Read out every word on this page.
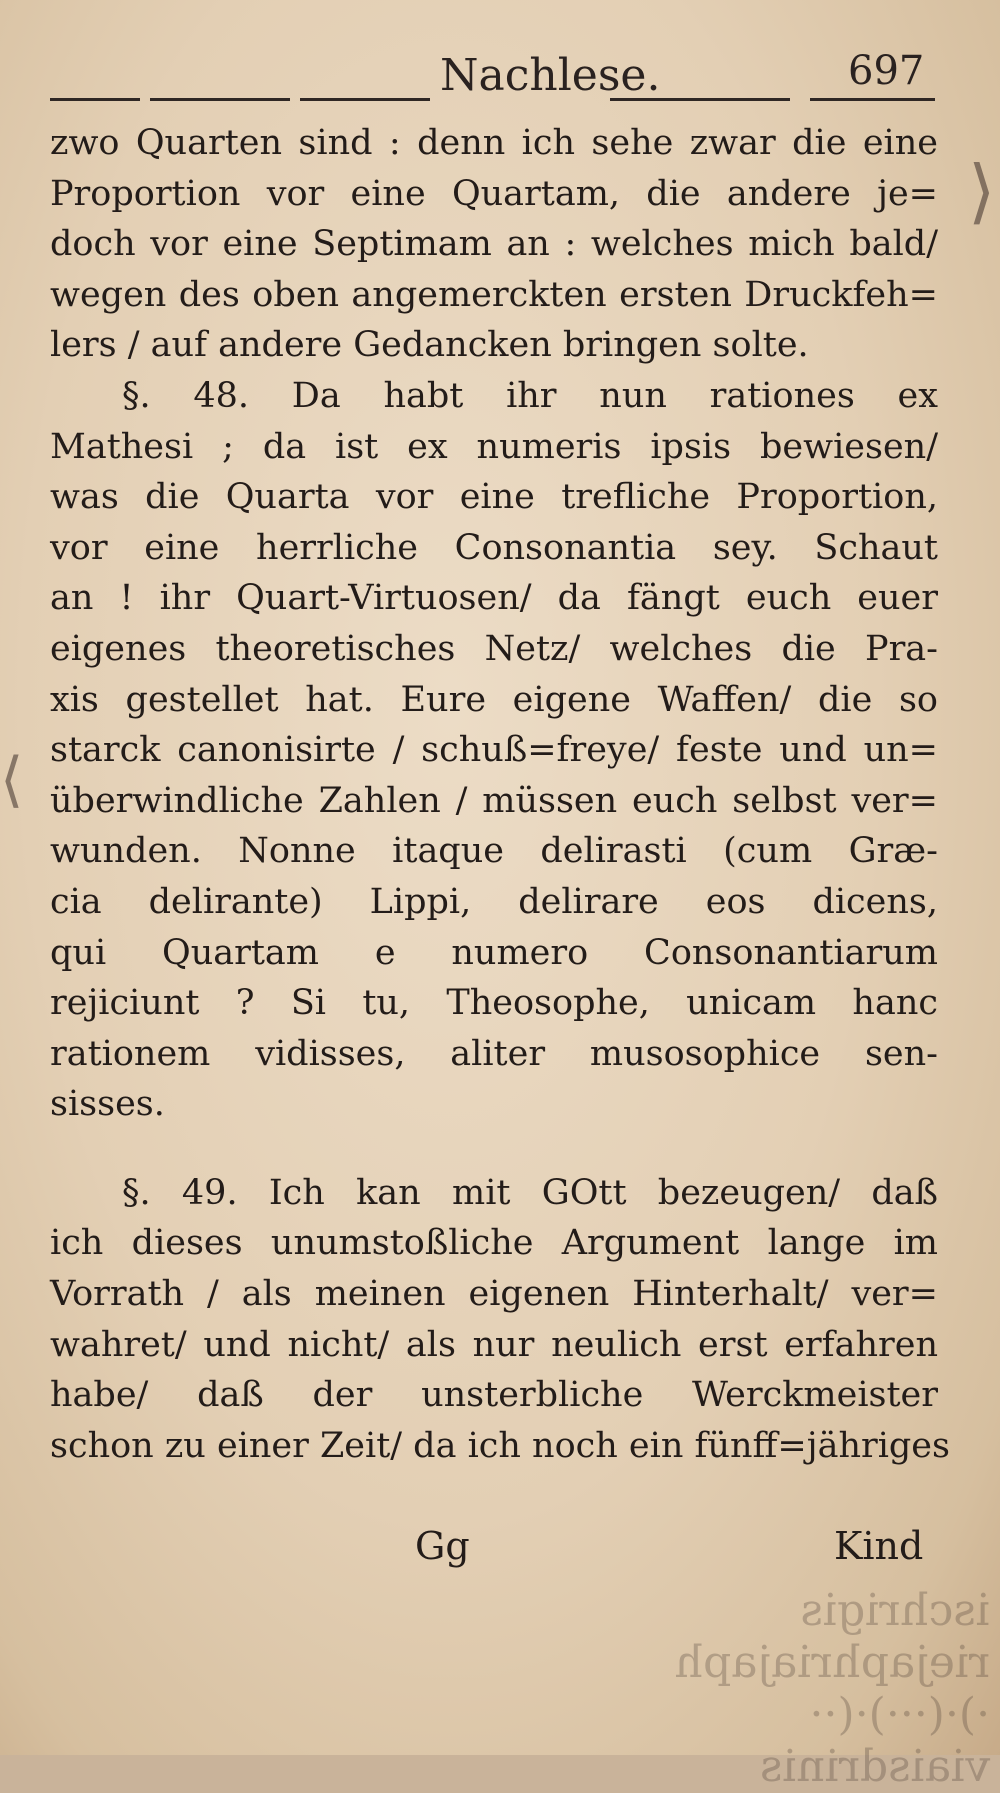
ischrigis
riejaphriajaph
·)·(···)·(··
viaisdrinis
⟨
⟩
Nachlese.	697
zwo Quarten sind : denn ich sehe zwar die eine
Proportion vor eine Quartam, die andere je=
doch vor eine Septimam an : welches mich bald/
wegen des oben angemerckten ersten Druckfeh=
lers / auf andere Gedancken bringen solte.
§. 48. Da habt ihr nun rationes ex
Mathesi ; da ist ex numeris ipsis bewiesen/
was die Quarta vor eine trefliche Proportion,
vor eine herrliche Consonantia sey. Schaut
an ! ihr Quart-Virtuosen/ da fängt euch euer
eigenes theoretisches Netz/ welches die Pra-
xis gestellet hat. Eure eigene Waffen/ die so
starck canonisirte / schuß=freye/ feste und un=
überwindliche Zahlen / müssen euch selbst ver=
wunden. Nonne itaque delirasti (cum Græ-
cia delirante) Lippi, delirare eos dicens,
qui Quartam e numero Consonantiarum
rejiciunt ? Si tu, Theosophe, unicam hanc
rationem vidisses, aliter musosophice sen-
sisses.
§. 49. Ich kan mit GOtt bezeugen/ daß
ich dieses unumstoßliche Argument lange im
Vorrath / als meinen eigenen Hinterhalt/ ver=
wahret/ und nicht/ als nur neulich erst erfahren
habe/ daß der unsterbliche Werckmeister
schon zu einer Zeit/ da ich noch ein fünff=jähriges
Gg	Kind
